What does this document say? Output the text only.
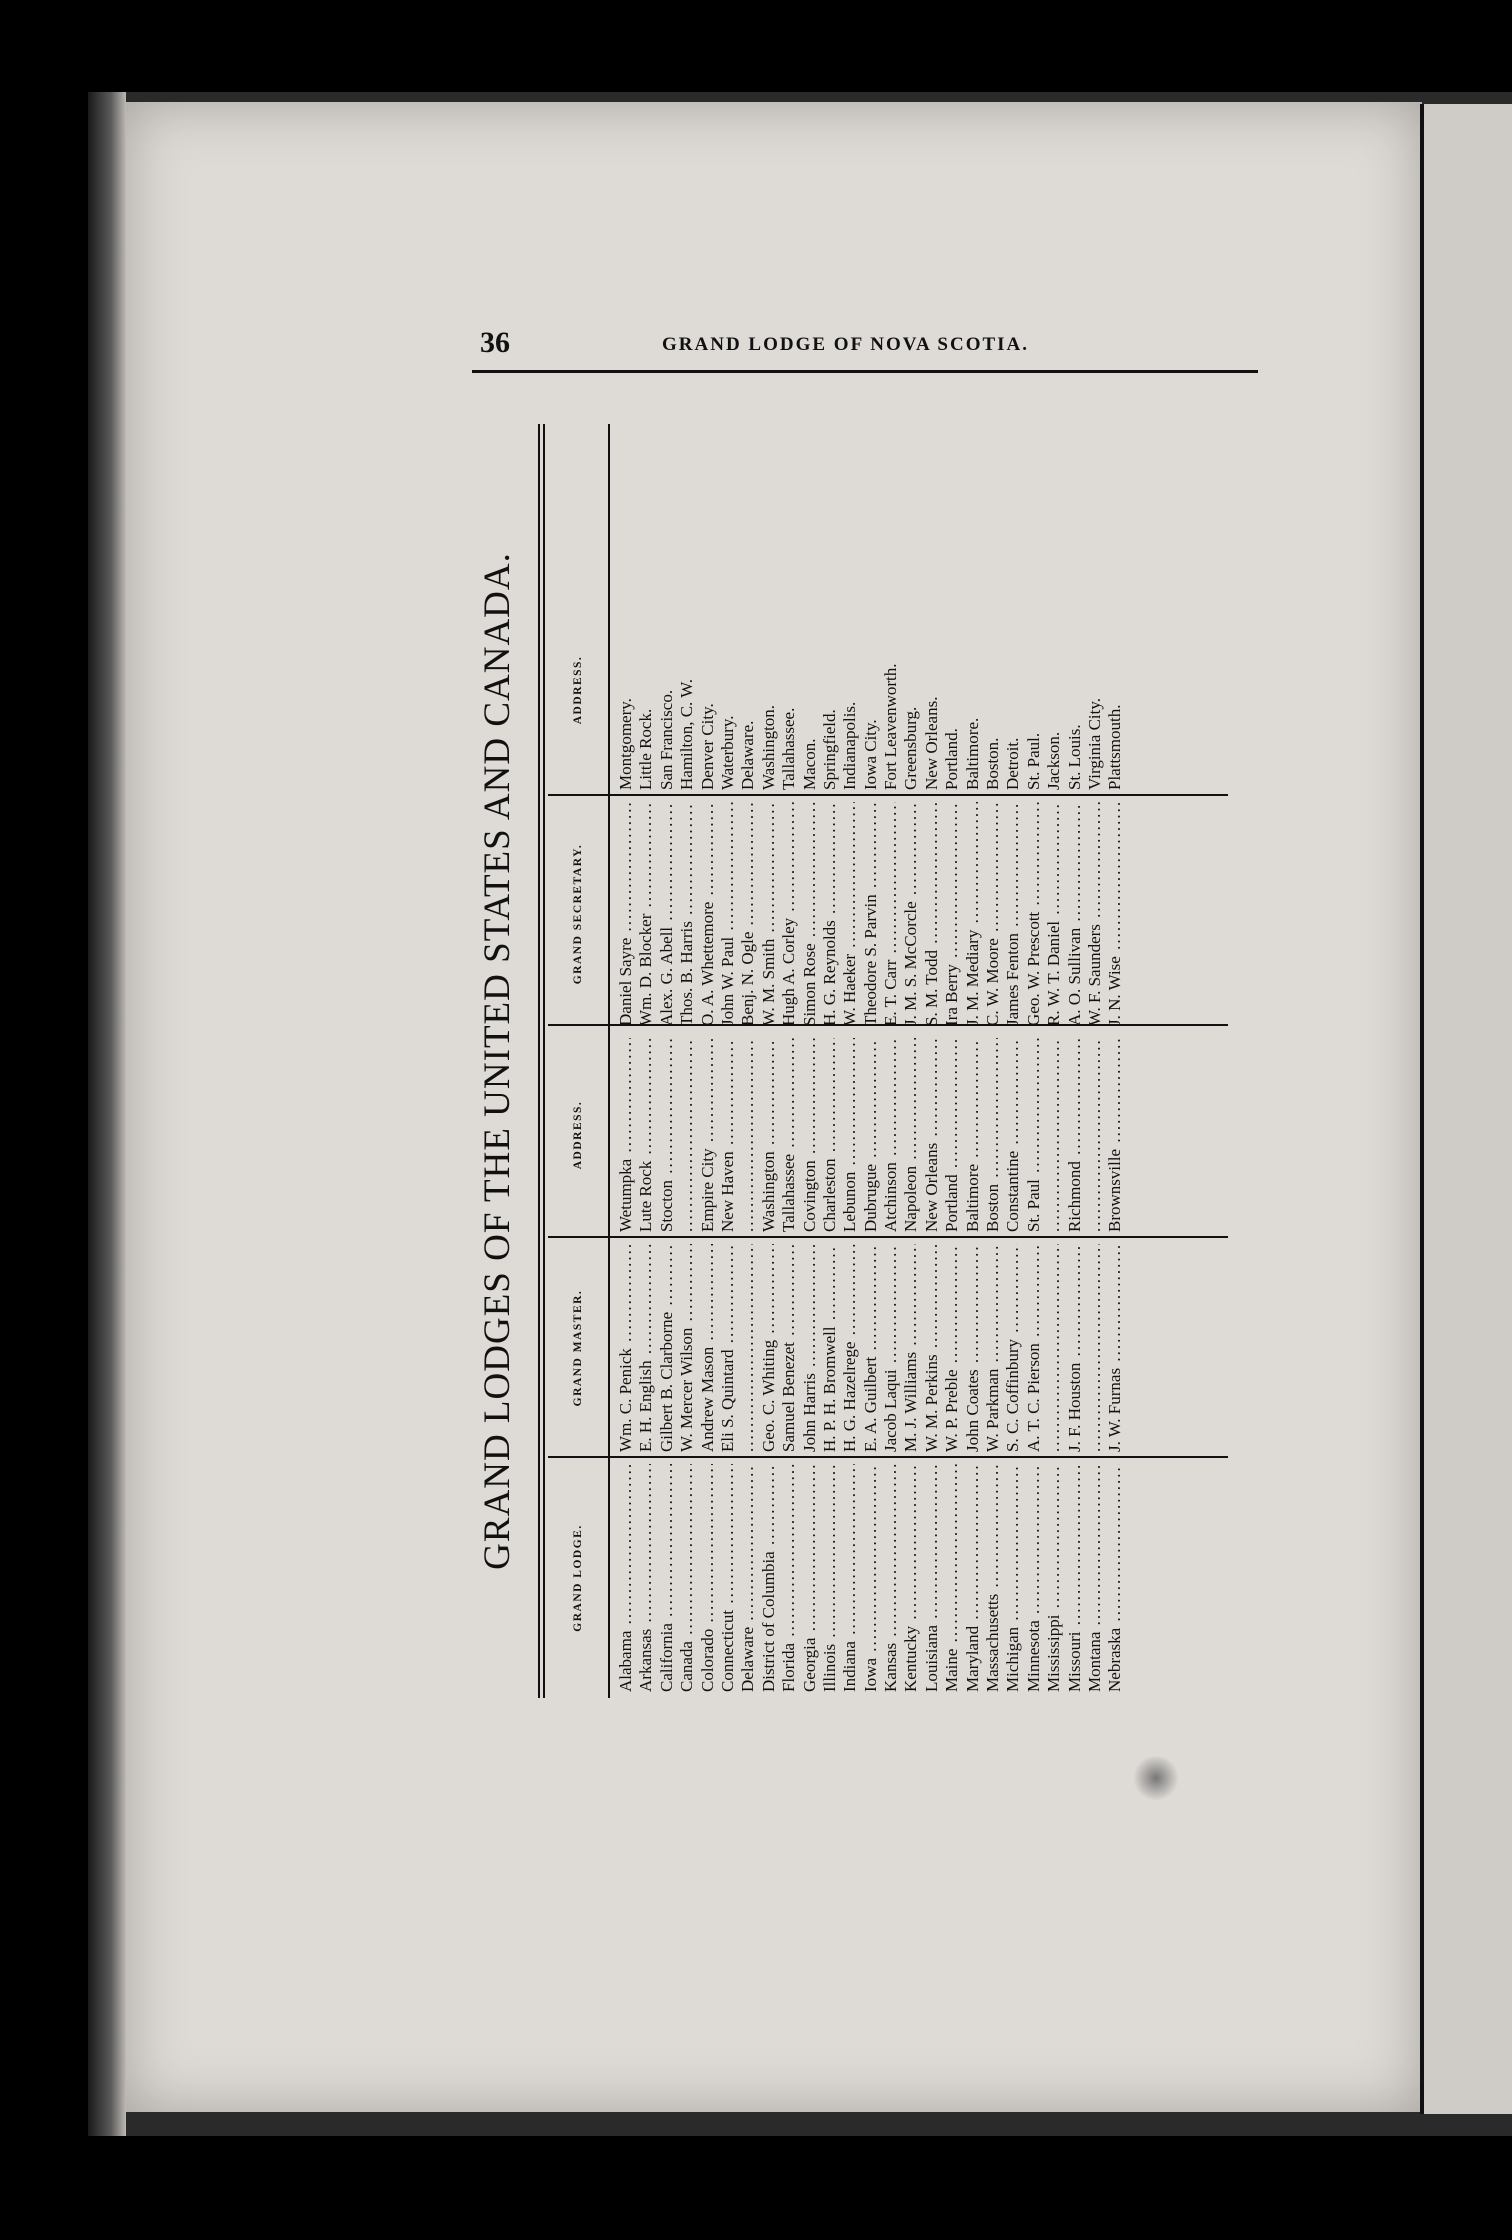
36	GRAND LODGE OF NOVA SCOTIA.
GRAND LODGES OF THE UNITED STATES AND CANADA.
GRAND LODGE.
GRAND MASTER.
ADDRESS.
GRAND SECRETARY.
ADDRESS.
Alabama .....
Wm. C. Penick .....
Wetumpka .....
Daniel Sayre .....
Montgomery.
Arkansas .....
E. H. English .....
Lute Rock .....
Wm. D. Blocker .....
Little Rock.
California .....
Gilbert B. Clarborne .....
Stocton .....
Alex. G. Abell .....
San Francisco.
Canada .....
W. Mercer Wilson .....
.....
Thos. B. Harris .....
Hamilton, C. W.
Colorado .....
Andrew Mason .....
Empire City .....
O. A. Whettemore .....
Denver City.
Connecticut .....
Eli S. Quintard .....
New Haven .....
John W. Paul .....
Waterbury.
Delaware .....
.....
.....
Benj. N. Ogle .....
Delaware.
District of Columbia .....
Geo. C. Whiting .....
Washington .....
W. M. Smith .....
Washington.
Florida .....
Samuel Benezet .....
Tallahassee .....
Hugh A. Corley .....
Tallahassee.
Georgia .....
John Harris .....
Covington .....
Simon Rose .....
Macon.
Illinois .....
H. P. H. Bromwell .....
Charleston .....
H. G. Reynolds .....
Springfield.
Indiana .....
H. G. Hazelrege .....
Lebunon .....
W. Haeker .....
Indianapolis.
Iowa .....
E. A. Guilbert .....
Dubrugue .....
Theodore S. Parvin .....
Iowa City.
Kansas .....
Jacob Laqui .....
Atchinson .....
E. T. Carr .....
Fort Leavenworth.
Kentucky .....
M. J. Williams .....
Napoleon .....
J. M. S. McCorcle .....
Greensburg.
Louisiana .....
W. M. Perkins .....
New Orleans .....
S. M. Todd .....
New Orleans.
Maine .....
W. P. Preble .....
Portland .....
Ira Berry .....
Portland.
Maryland .....
John Coates .....
Baltimore .....
J. M. Mediary .....
Baltimore.
Massachusetts .....
W. Parkman .....
Boston .....
C. W. Moore .....
Boston.
Michigan .....
S. C. Coffinbury .....
Constantine .....
James Fenton .....
Detroit.
Minnesota .....
A. T. C. Pierson .....
St. Paul .....
Geo. W. Prescott .....
St. Paul.
Mississippi .....
.....
.....
R. W. T. Daniel .....
Jackson.
Missouri .....
J. F. Houston .....
Richmond .....
A. O. Sullivan .....
St. Louis.
Montana .....
.....
.....
W. F. Saunders .....
Virginia City.
Nebraska .....
J. W. Furnas .....
Brownsville .....
J. N. Wise .....
Plattsmouth.
